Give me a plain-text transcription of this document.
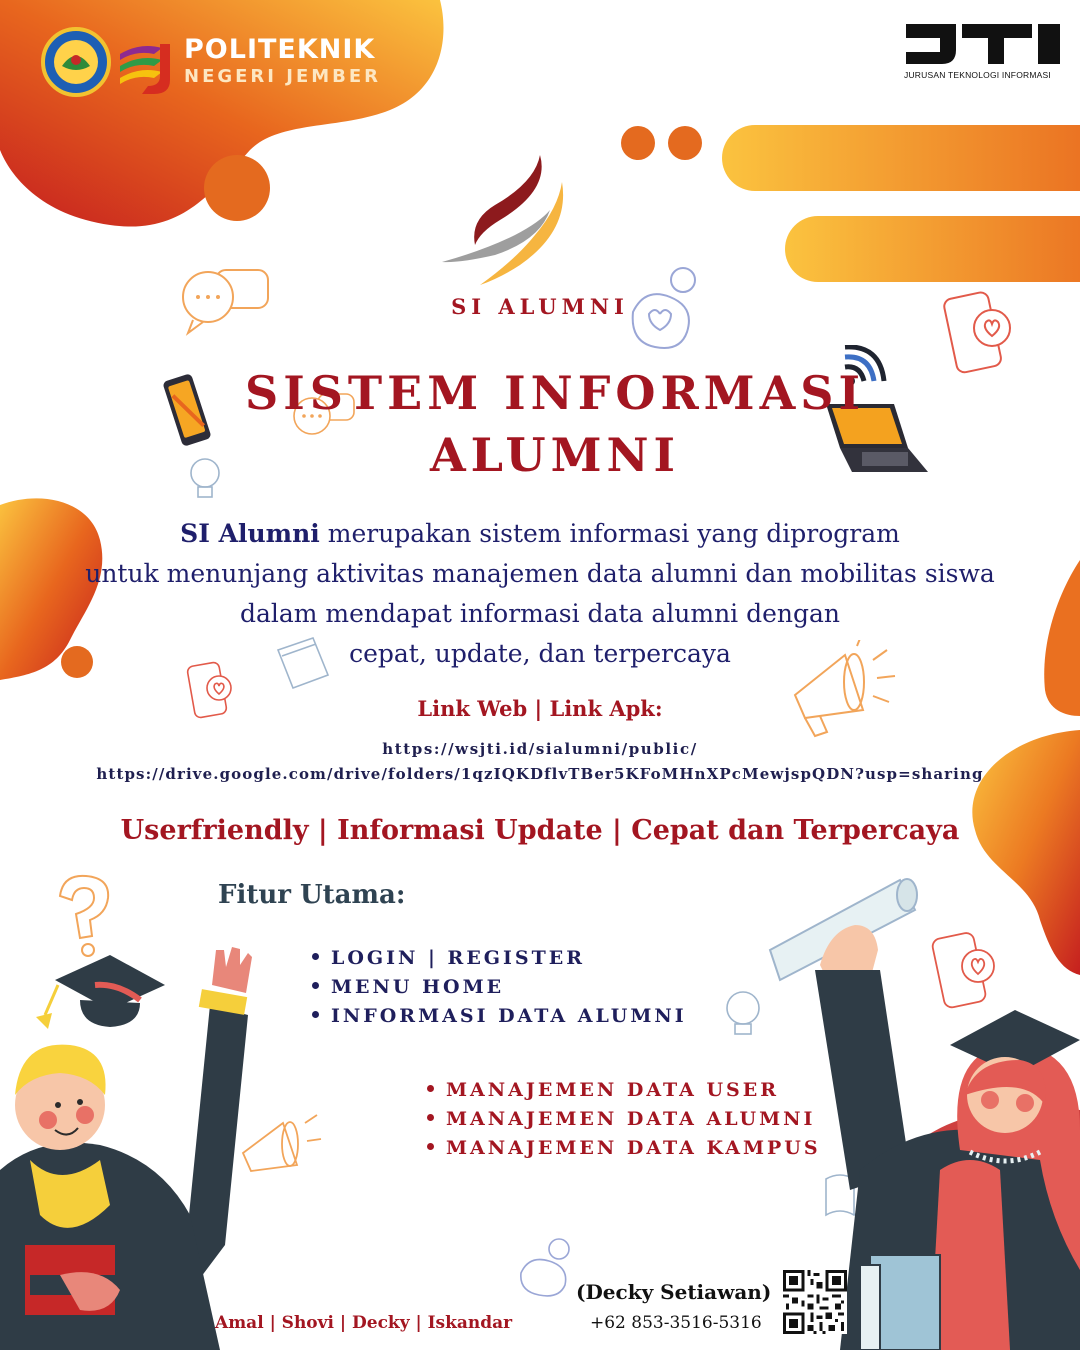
POLITEKNIK
NEGERI JEMBER	JURUSAN TEKNOLOGI INFORMASI
SI ALUMNI
SISTEM INFORMASI
ALUMNI
SI Alumni merupakan sistem informasi yang diprogram
untuk menunjang aktivitas manajemen data alumni dan mobilitas siswa
dalam mendapat informasi data alumni dengan
cepat, update, dan terpercaya
Link Web | Link Apk:
https://wsjti.id/sialumni/public/
https://drive.google.com/drive/folders/1qzIQKDflvTBer5KFoMHnXPcMewjspQDN?usp=sharing
Userfriendly | Informasi Update | Cepat dan Terpercaya
Fitur Utama:
LOGIN | REGISTER
MENU HOME
INFORMASI DATA ALUMNI
MANAJEMEN DATA USER
MANAJEMEN DATA ALUMNI
MANAJEMEN DATA KAMPUS
(Decky Setiawan)
+62 853-3516-5316
Amal | Shovi | Decky | Iskandar
